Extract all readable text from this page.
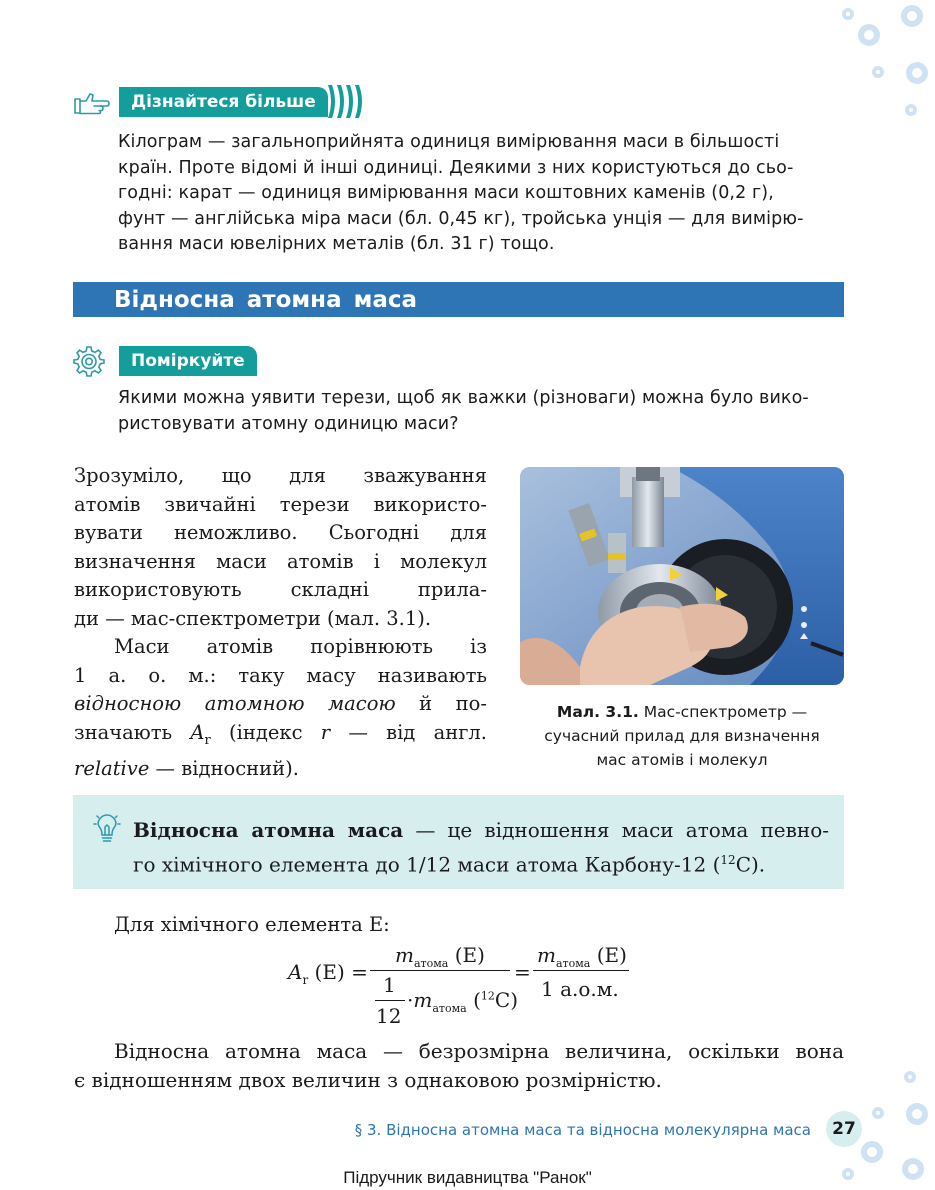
Дізнайтеся більше
Кілограм — загальноприйнята одиниця вимірювання маси в більшості
країн. Проте відомі й інші одиниці. Деякими з них користуються до сьо-
годні: карат — одиниця вимірювання маси коштовних каменів (0,2 г),
фунт — англійська міра маси (бл. 0,45 кг), тройська унція — для вимірю-
вання маси ювелірних металів (бл. 31 г) тощо.
Відносна атомна маса
Поміркуйте
Якими можна уявити терези, щоб як важки (різноваги) можна було вико-
ристовувати атомну одиницю маси?
Зрозуміло, що для зважування
атомів звичайні терези використо-
вувати неможливо. Сьогодні для
визначення маси атомів і молекул
використовують складні прила-
ди — мас-спектрометри (мал. 3.1).
Маси атомів порівнюють із
1 а. о. м.: таку масу називають
відносною атомною масою й по-
значають $A_r$ (індекс r — від англ.
relative — відносний).
Мал. 3.1. Мас-спектрометр —
сучасний прилад для визначення
мас атомів і молекул
Відносна атомна маса — це відношення маси атома певно-
го хімічного елемента до 1/12 маси атома Карбону-12 ($^{12}$C).
Для хімічного елемента Е:
$A_r$ (E) =
$m_{атома}$ (E)
1
12
$\cdot m_{атома}$ ($^{12}$C)
=
$m_{атома}$ (E)
1 а.о.м.
Відносна атомна маса — безрозмірна величина, оскільки вона
є відношенням двох величин з однаковою розмірністю.
§ 3. Відносна атомна маса та відносна молекулярна маса	27
Підручник видавництва "Ранок"
